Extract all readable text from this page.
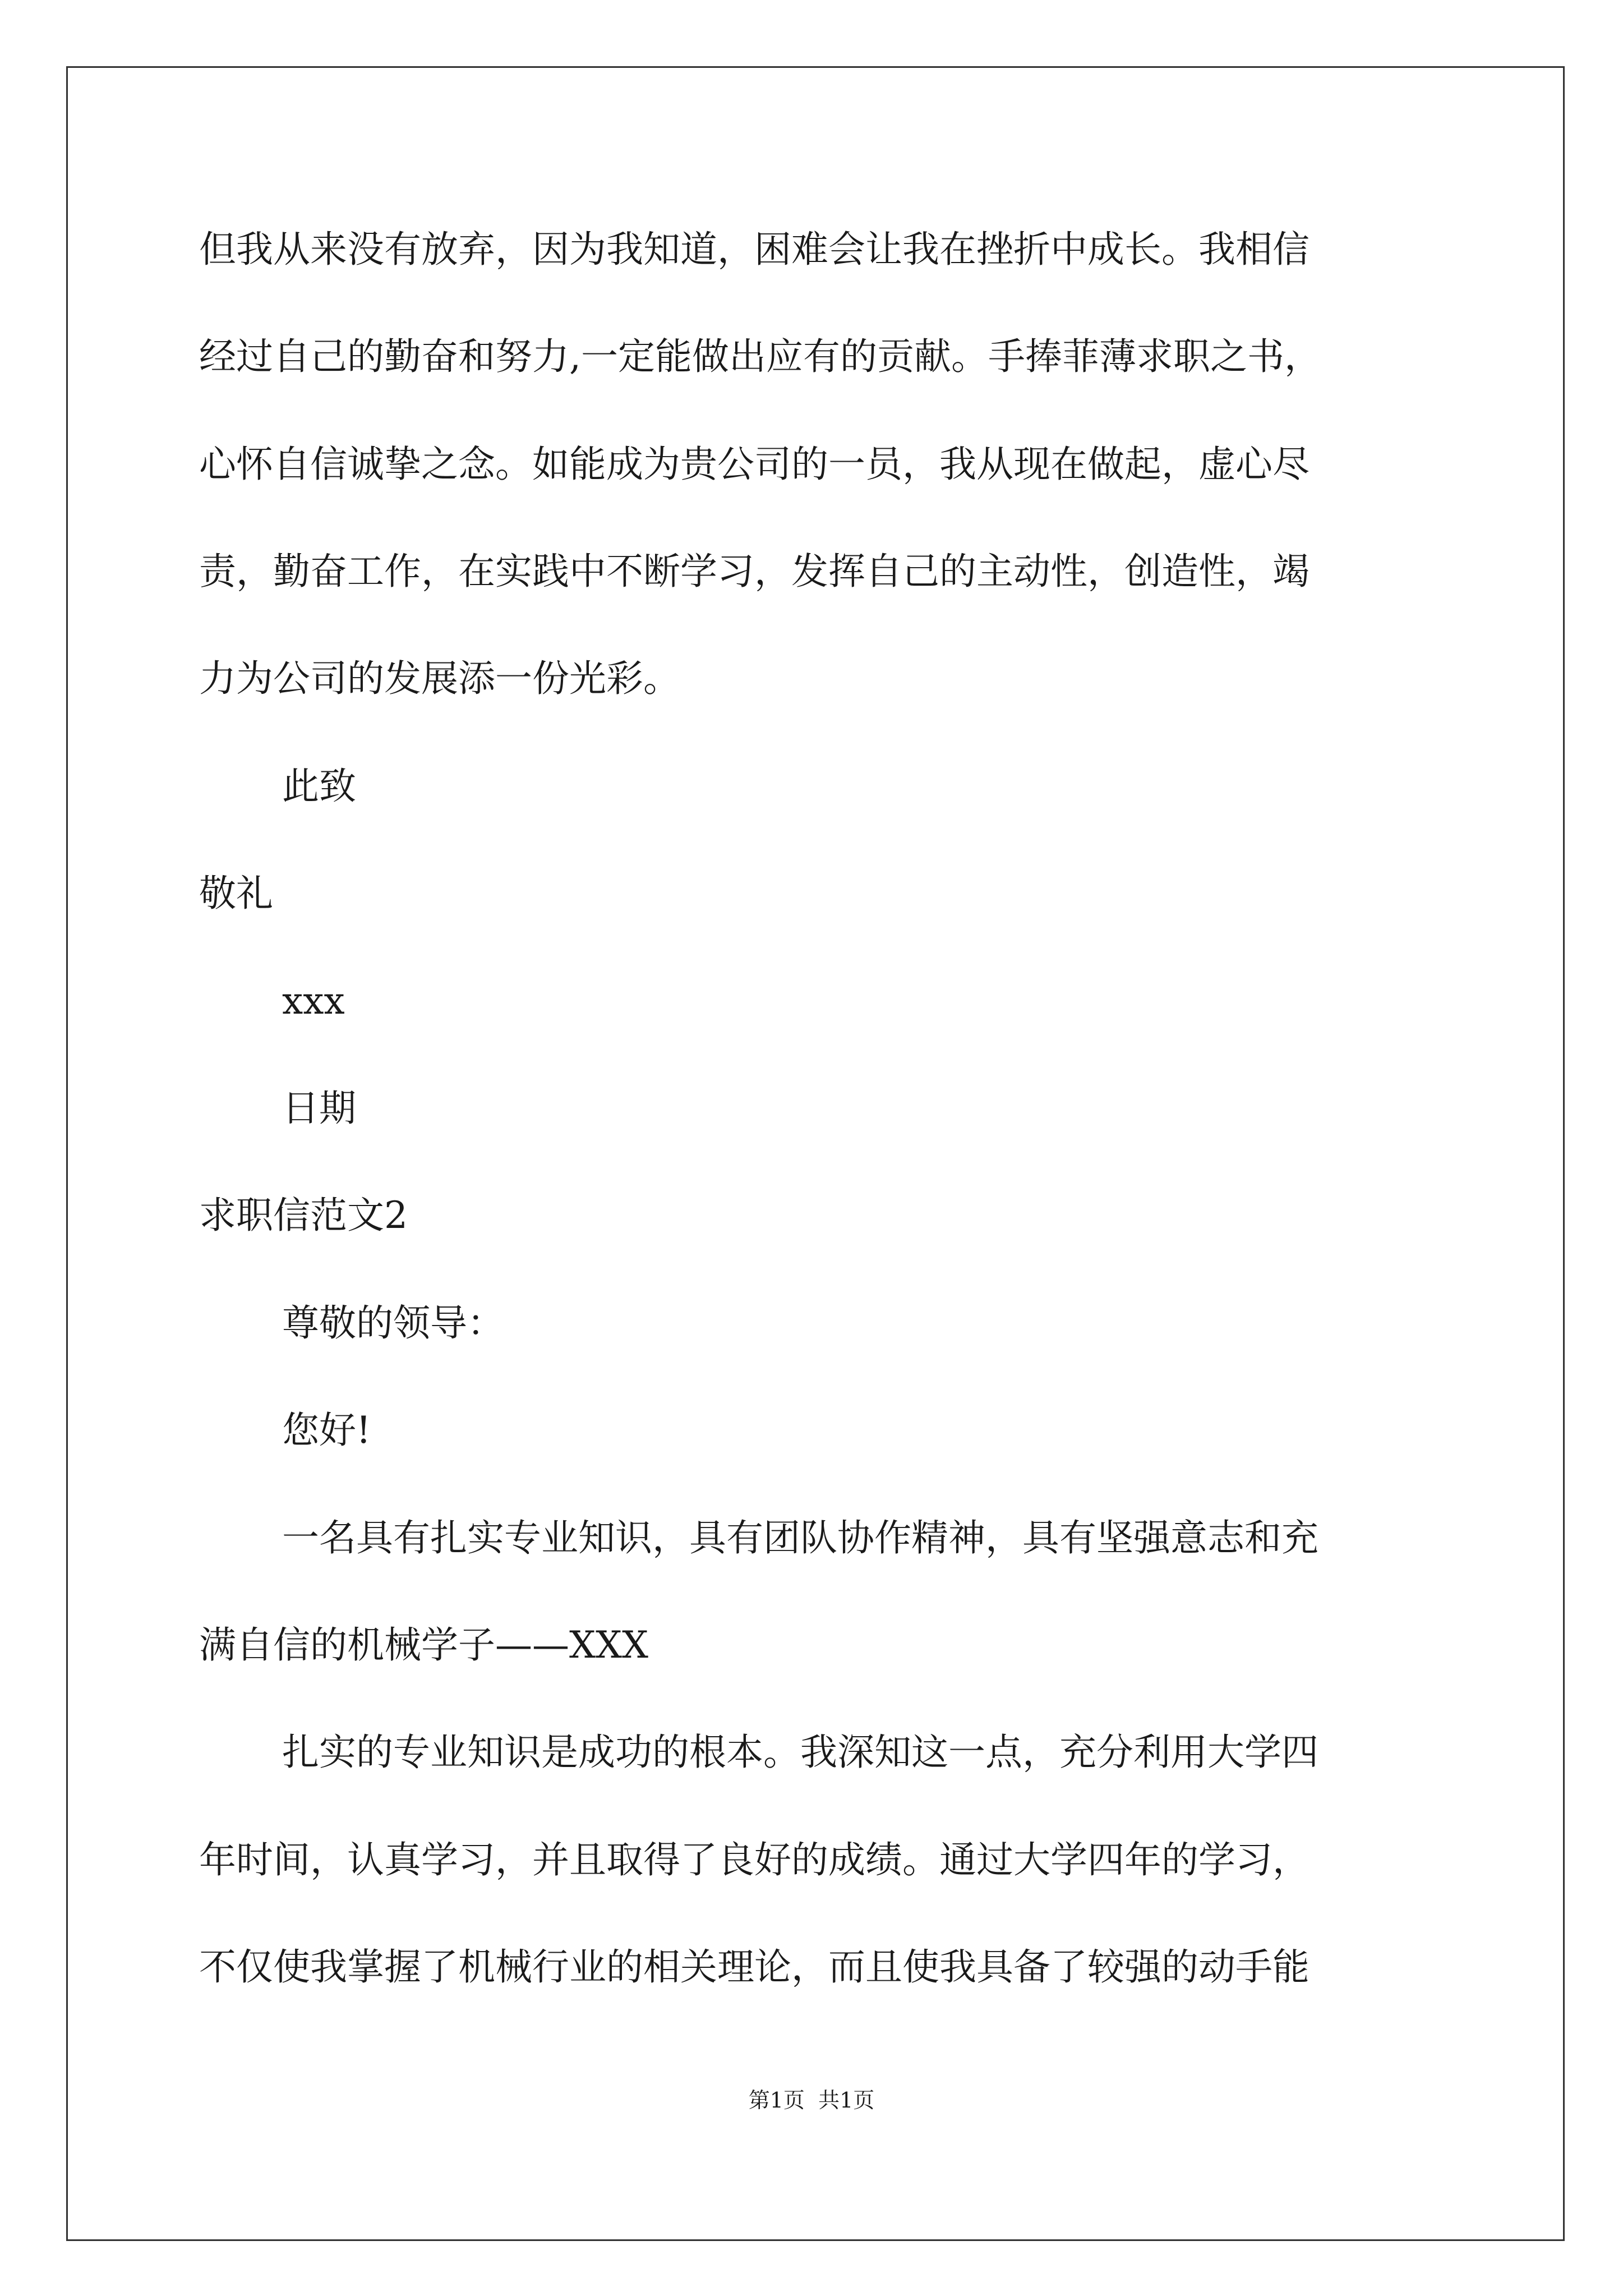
但我从来没有放弃，因为我知道，困难会让我在挫折中成长。我相信
经过自己的勤奋和努力,一定能做出应有的贡献。手捧菲薄求职之书，
心怀自信诚挚之念。如能成为贵公司的一员，我从现在做起，虚心尽
责，勤奋工作，在实践中不断学习，发挥自己的主动性，创造性，竭
力为公司的发展添一份光彩。
此致
敬礼
xxx
日期
求职信范文2
尊敬的领导：
您好!
一名具有扎实专业知识，具有团队协作精神，具有坚强意志和充
满自信的机械学子——XXX
扎实的专业知识是成功的根本。我深知这一点，充分利用大学四
年时间，认真学习，并且取得了良好的成绩。通过大学四年的学习，
不仅使我掌握了机械行业的相关理论，而且使我具备了较强的动手能
第1页  共1页
